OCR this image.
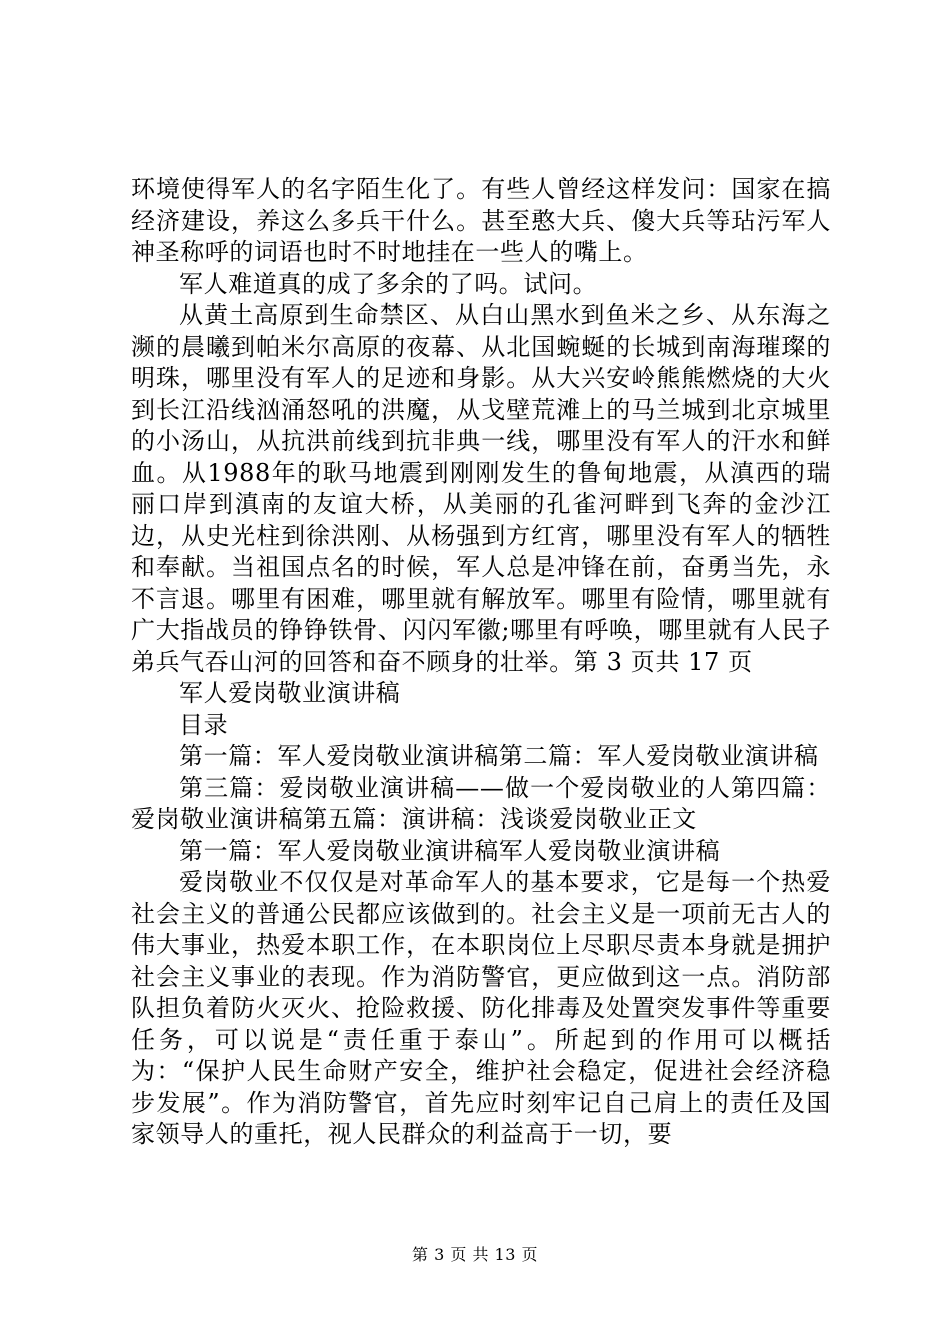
环境使得军人的名字陌生化了。有些人曾经这样发问：国家在搞经济建设，养这么多兵干什么。甚至憨大兵、傻大兵等玷污军人神圣称呼的词语也时不时地挂在一些人的嘴上。

军人难道真的成了多余的了吗。试问。

从黄土高原到生命禁区、从白山黑水到鱼米之乡、从东海之濒的晨曦到帕米尔高原的夜幕、从北国蜿蜒的长城到南海璀璨的明珠，哪里没有军人的足迹和身影。从大兴安岭熊熊燃烧的大火到长江沿线汹涌怒吼的洪魔，从戈壁荒滩上的马兰城到北京城里的小汤山，从抗洪前线到抗非典一线，哪里没有军人的汗水和鲜血。从1988年的耿马地震到刚刚发生的鲁甸地震，从滇西的瑞丽口岸到滇南的友谊大桥，从美丽的孔雀河畔到飞奔的金沙江边，从史光柱到徐洪刚、从杨强到方红宵，哪里没有军人的牺牲和奉献。当祖国点名的时候，军人总是冲锋在前，奋勇当先，永不言退。哪里有困难，哪里就有解放军。哪里有险情，哪里就有广大指战员的铮铮铁骨、闪闪军徽;哪里有呼唤，哪里就有人民子弟兵气吞山河的回答和奋不顾身的壮举。第 3 页共 17 页

军人爱岗敬业演讲稿

目录

第一篇：军人爱岗敬业演讲稿第二篇：军人爱岗敬业演讲稿

第三篇：爱岗敬业演讲稿——做一个爱岗敬业的人第四篇：爱岗敬业演讲稿第五篇：演讲稿：浅谈爱岗敬业正文

第一篇：军人爱岗敬业演讲稿军人爱岗敬业演讲稿

爱岗敬业不仅仅是对革命军人的基本要求，它是每一个热爱社会主义的普通公民都应该做到的。社会主义是一项前无古人的伟大事业，热爱本职工作，在本职岗位上尽职尽责本身就是拥护社会主义事业的表现。作为消防警官，更应做到这一点。消防部队担负着防火灭火、抢险救援、防化排毒及处置突发事件等重要任务，可以说是“责任重于泰山”。所起到的作用可以概括为：“保护人民生命财产安全，维护社会稳定，促进社会经济稳步发展”。作为消防警官，首先应时刻牢记自己肩上的责任及国家领导人的重托，视人民群众的利益高于一切，要

第 3 页 共 13 页
